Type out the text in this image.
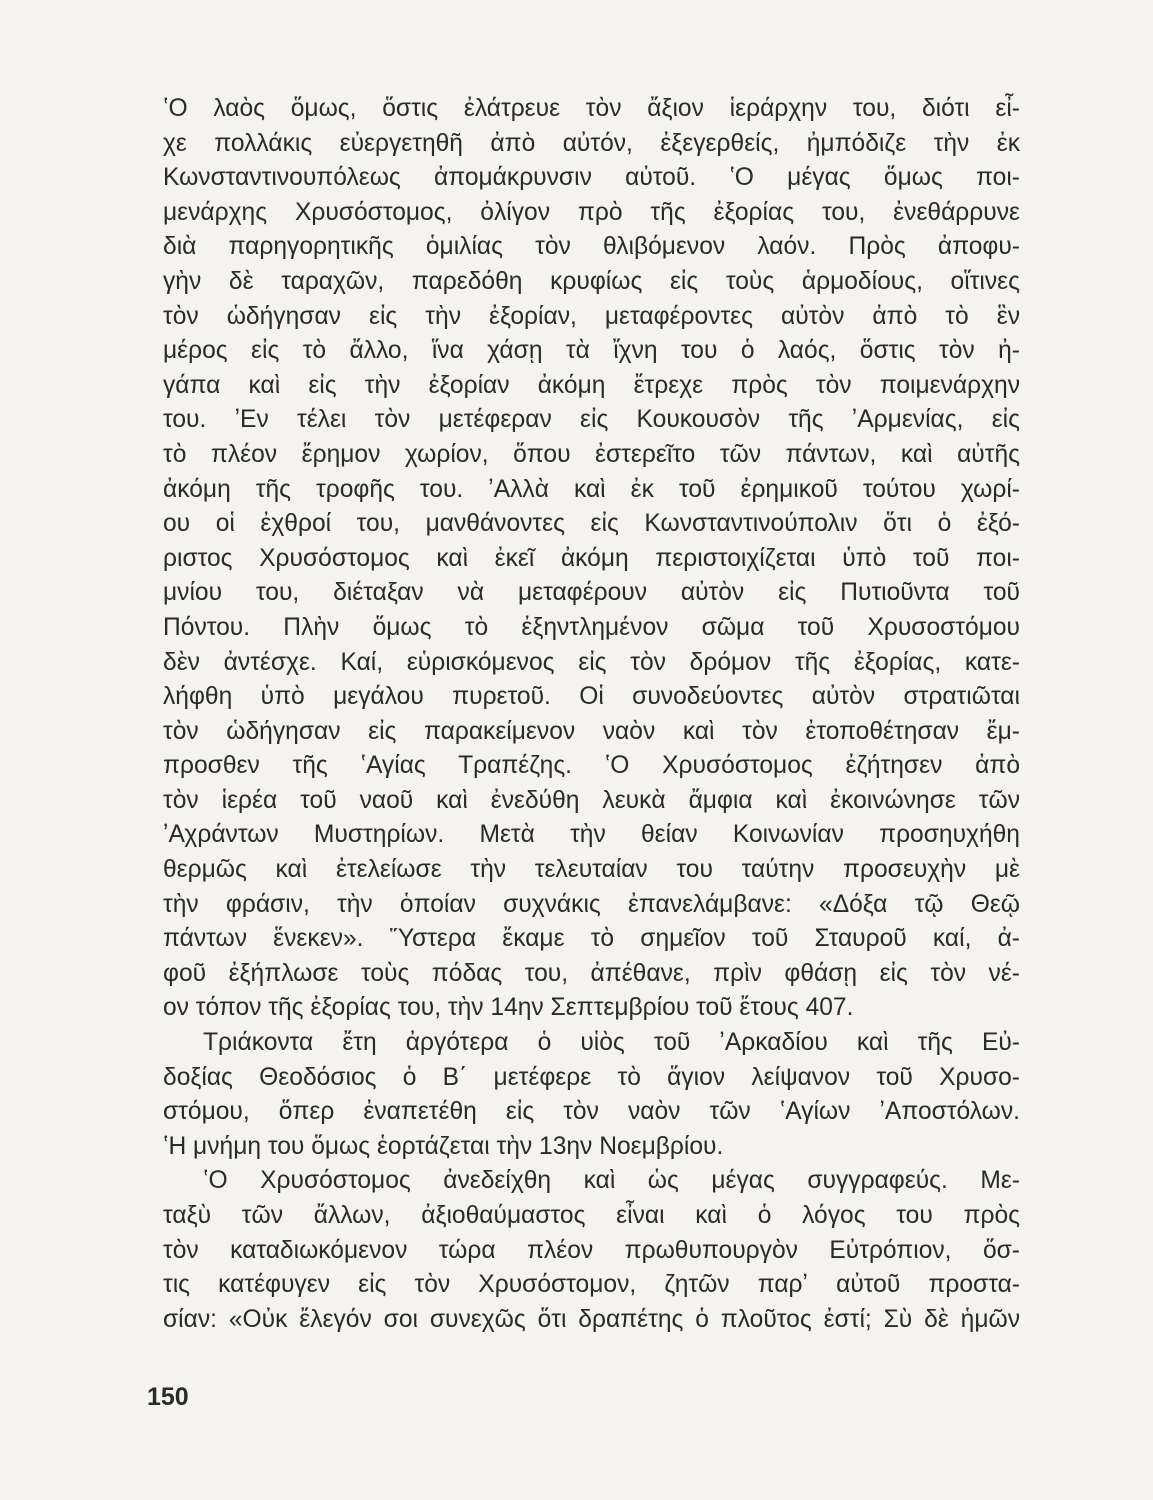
ʽΟ λαὸς ὅμως, ὅστις ἐλάτρευε τὸν ἄξιον ἱεράρχην του, διότι εἶ-
χε πολλάκις εὐεργετηθῆ ἀπὸ αὐτόν, ἐξεγερθείς, ἠμπόδιζε τὴν ἐκ
Κωνσταντινουπόλεως ἀπομάκρυνσιν αὐτοῦ. ʽΟ μέγας ὅμως ποι-
μενάρχης Χρυσόστομος, ὀλίγον πρὸ τῆς ἐξορίας του, ἐνεθάρρυνε
διὰ παρηγορητικῆς ὁμιλίας τὸν θλιβόμενον λαόν. Πρὸς ἀποφυ-
γὴν δὲ ταραχῶν, παρεδόθη κρυφίως εἰς τοὺς ἁρμοδίους, οἵτινες
τὸν ὡδήγησαν εἰς τὴν ἐξορίαν, μεταφέροντες αὐτὸν ἀπὸ τὸ ἓν
μέρος εἰς τὸ ἄλλο, ἵνα χάσῃ τὰ ἴχνη του ὁ λαός, ὅστις τὸν ἠ-
γάπα καὶ εἰς τὴν ἐξορίαν ἀκόμη ἔτρεχε πρὸς τὸν ποιμενάρχην
του. ʼΕν τέλει τὸν μετέφεραν εἰς Κουκουσὸν τῆς ʼΑρμενίας, εἰς
τὸ πλέον ἔρημον χωρίον, ὅπου ἐστερεῖτο τῶν πάντων, καὶ αὐτῆς
ἀκόμη τῆς τροφῆς του. ʼΑλλὰ καὶ ἐκ τοῦ ἐρημικοῦ τούτου χωρί-
ου οἱ ἐχθροί του, μανθάνοντες εἰς Κωνσταντινούπολιν ὅτι ὁ ἐξό-
ριστος Χρυσόστομος καὶ ἐκεῖ ἀκόμη περιστοιχίζεται ὑπὸ τοῦ ποι-
μνίου του, διέταξαν νὰ μεταφέρουν αὐτὸν εἰς Πυτιοῦντα τοῦ
Πόντου. Πλὴν ὅμως τὸ ἐξηντλημένον σῶμα τοῦ Χρυσοστόμου
δὲν ἀντέσχε. Καί, εὑρισκόμενος εἰς τὸν δρόμον τῆς ἐξορίας, κατε-
λήφθη ὑπὸ μεγάλου πυρετοῦ. Οἱ συνοδεύοντες αὐτὸν στρατιῶται
τὸν ὡδήγησαν εἰς παρακείμενον ναὸν καὶ τὸν ἐτοποθέτησαν ἔμ-
προσθεν τῆς ʽΑγίας Τραπέζης. ʽΟ Χρυσόστομος ἐζήτησεν ἀπὸ
τὸν ἱερέα τοῦ ναοῦ καὶ ἐνεδύθη λευκὰ ἄμφια καὶ ἐκοινώνησε τῶν
ʼΑχράντων Μυστηρίων. Μετὰ τὴν θείαν Κοινωνίαν προσηυχήθη
θερμῶς καὶ ἐτελείωσε τὴν τελευταίαν του ταύτην προσευχὴν μὲ
τὴν φράσιν, τὴν ὁποίαν συχνάκις ἐπανελάμβανε: «Δόξα τῷ Θεῷ
πάντων ἕνεκεν». ῞Υστερα ἔκαμε τὸ σημεῖον τοῦ Σταυροῦ καί, ἀ-
φοῦ ἐξήπλωσε τοὺς πόδας του, ἀπέθανε, πρὶν φθάσῃ εἰς τὸν νέ-
ον τόπον τῆς ἐξορίας του, τὴν 14ην Σεπτεμβρίου τοῦ ἔτους 407.
Τριάκοντα ἔτη ἀργότερα ὁ υἱὸς τοῦ ʼΑρκαδίου καὶ τῆς Εὐ-
δοξίας Θεοδόσιος ὁ Β΄ μετέφερε τὸ ἅγιον λείψανον τοῦ Χρυσο-
στόμου, ὅπερ ἐναπετέθη εἰς τὸν ναὸν τῶν ʽΑγίων ʼΑποστόλων.
ʽΗ μνήμη του ὅμως ἑορτάζεται τὴν 13ην Νοεμβρίου.
ʽΟ Χρυσόστομος ἀνεδείχθη καὶ ὡς μέγας συγγραφεύς. Με-
ταξὺ τῶν ἄλλων, ἀξιοθαύμαστος εἶναι καὶ ὁ λόγος του πρὸς
τὸν καταδιωκόμενον τώρα πλέον πρωθυπουργὸν Εὐτρόπιον, ὅσ-
τις κατέφυγεν εἰς τὸν Χρυσόστομον, ζητῶν παρʼ αὐτοῦ προστα-
σίαν: «Οὐκ ἔλεγόν σοι συνεχῶς ὅτι δραπέτης ὁ πλοῦτος ἐστί; Σὺ δὲ ἡμῶν
150
